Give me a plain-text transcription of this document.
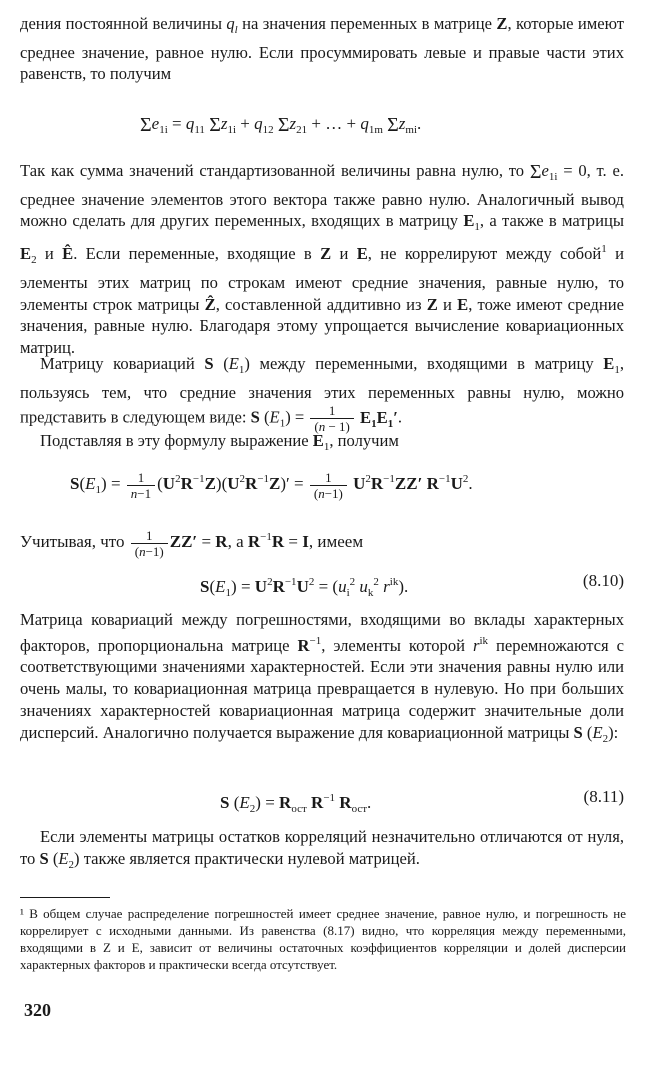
дения постоянной величины $q_l$ на значения переменных в матрице Z, которые имеют среднее значение, равное нулю. Если просуммировать левые и правые части этих равенств, то получим

$\Sigma e_{1i} = q_{11}$ $\Sigma z_{1i} + q_{12}$ $\Sigma z_{21}$ + … + $q_{1m}$ $\Sigma z_{mi}$.

Так как сумма значений стандартизованной величины равна нулю, то $\Sigma e_{1i} = 0$, т. е. среднее значение элементов этого вектора также равно нулю. Аналогичный вывод можно сделать для других переменных, входящих в матрицу $E_1$, а также в матрицы $E_2$ и Ê. Если переменные, входящие в Z и E, не коррелируют между собой$^1$ и элементы этих матриц по строкам имеют средние значения, равные нулю, то элементы строк матрицы Ẑ, составленной аддитивно из Z и E, тоже имеют средние значения, равные нулю. Благодаря этому упрощается вычисление ковариационных матриц.

Матрицу ковариаций S $(E_1)$ между переменными, входящими в матрицу $E_1$, пользуясь тем, что средние значения этих переменных равны нулю, можно представить в следующем виде: S $(E_1) = \frac{1}{(n - 1)} E_1E_1'$.

Подставляя в эту формулу выражение $E_1$, получим

$S(E_1) = \frac{1}{n-1} (U^2R^{-1}Z)(U^2R^{-1}Z)' = \frac{1}{(n-1)} U^2R^{-1}ZZ'$ $R^{-1}U^2$.
Учитывая, что $\frac{1}{(n-1)} ZZ' = R$, а $R^{-1}R = I$, имеем
$S(E_1) = U^2R^{-1}U^2 = (u_i^2$ $u_k^2$ $r^{ik}$).	(8.10)

Матрица ковариаций между погрешностями, входящими во вклады характерных факторов, пропорциональна матрице $R^{-1}$, элементы которой $r^{ik}$ перемножаются с соответствующими значениями характерностей. Если эти значения равны нулю или очень малы, то ковариационная матрица превращается в нулевую. Но при больших значениях характерностей ковариационная матрица содержит значительные доли дисперсий. Аналогично получается выражение для ковариационной матрицы S $(E_2)$:

S $(E_2) = R_{ост}$ $R^{-1}$ $R_{ост}$.	(8.11)

Если элементы матрицы остатков корреляций незначительно отличаются от нуля, то S $(E_2)$ также является практически нулевой матрицей.

¹ В общем случае распределение погрешностей имеет среднее значение, равное нулю, и погрешность не коррелирует с исходными данными. Из равенства (8.17) видно, что корреляция между переменными, входящими в Z и E, зависит от величины остаточных коэффициентов корреляции и долей дисперсии характерных факторов и практически всегда отсутствует.

320
